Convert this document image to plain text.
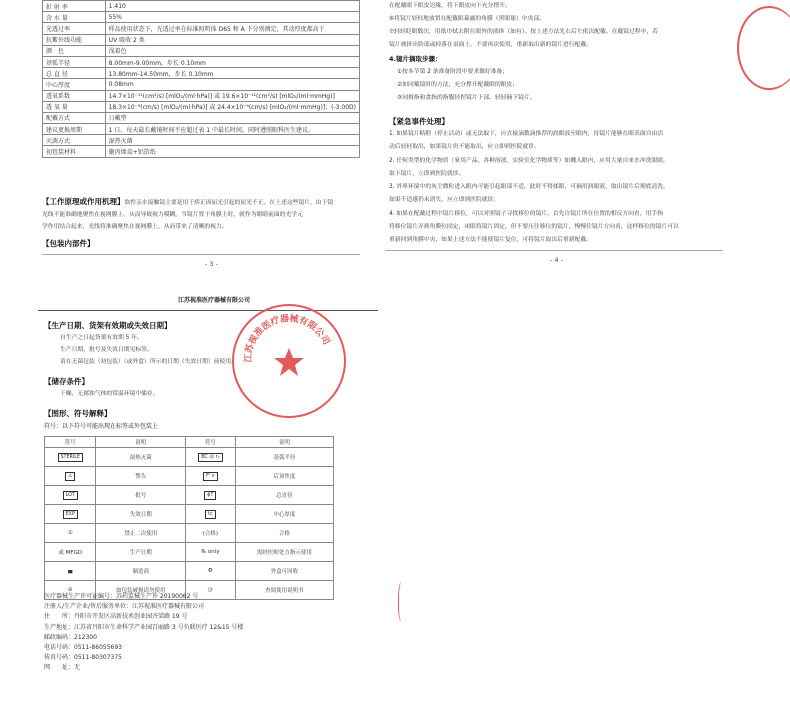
折 射 率	1.410
含 水 量	55%
光透过率	样品使用状态下，光透过率在标准照明体 D65 和 A 下分别测定，其动厚度都高于
抗紫外线功能	UV 吸收 2 类
颜　色	浅着色
基弧半径	8.00mm-9.00mm，步长 0.10mm
总 直 径	13.80mm-14.50mm，步长 0.10mm
中心厚度	0.08mm
透氧系数	14.7×10⁻¹¹(cm²/s) [mlO₂/(ml·hPa)] 或 19.6×10⁻¹¹(cm²/s) [mlO₂/(ml·mmHg)]
透 氧 量	18.3×10⁻⁹(cm/s) [mlO₂/(ml·hPa)] 或 24.4×10⁻⁹(cm/s) [mlO₂/(ml·mmHg)]；(-3.00D)
配戴方式	日戴型
建议更换周期	1 日。每天最长戴镜时间不应超过表 1 中最长时间，同时遵照眼科医生建议。
灭菌方式	湿热灭菌
初包装材料	聚丙烯盒+铝箔纸
【工作原理或作用机理】软性亲水接触镜主要是用于矫正因屈光引起的屈光不正。在上述这些镜片，由于镜
光线不能准确地聚焦在视网膜上，从而导致视力模糊。当镜片置于角膜上时，就作为眼睛前面的光学元
学作用结合起来，光线将准确聚焦在视网膜上，从而带来了清晰的视力。
【包装内部件】
- 3 -
在配戴眼下眼皮边缘，将下眼皮向下充分撑开。
⑥将镜片轻轻地放置在配戴眼暴露的角膜（黑眼球）中央部。
⑦轻轻眨眼数次，用纸巾拭去附在眼外的液体（如有）。按上述方法先右后左依次配戴。在戴镜过程中，若
镜片被挤出脸部或掉落在桌面上，不要再次使用，重新取出新的镜片进行配戴。
4.镜片摘取步骤：
①按本节第 2 条准备阶段中要求做好准备；
②如同戴镜时的方法，充分撑开配戴眼的眼皮；
③同拇指和食指的指腹轻捏镜片下部，轻轻摘下镜片。
【紧急事件处理】
1. 如果镜片粘附（停止活动）或无法取下，应直接滴数滴推荐的润眼液至眼内，待镜片能够在眼表面自由活
动后轻轻取出，如果镜片仍不能取出，应立即到医院就诊。
2. 任何类型的化学物质（家用产品、各种溶液、实验室化学物质等）如溅入眼内，应用大量自来水冲洗眼睛，
取下镜片，立即到医院就诊。
3. 外界环境中的灰尘微粒进入眼内可能引起眼部不适，此时不得揉眼，可摘用润眼液，取出镜片后彻底清洗。
如果不适感仍未消失，应立即到医院就诊。
4. 如果在配戴过程中镜片移位，可以对照镜子寻找移位的镜片，首先注镜片所在位置的相反方向看，用手指
将移位镜片弄到角膜位固定，闭眼将镜片固定，但不要压住移位的镜片，慢慢往镜片方向看，这样移位的镜片可以
重新回到角膜中央，如果上述方法不能使镜片复位，可将镜片取出后重新配戴。
- 4 -
江苏视准医疗器械有限公司
【生产日期、货架有效期或失效日期】
自生产之日起货架有效期 5 年。
生产日期、批号及失效日期见标签。
请在无菌包装（初包装）（或外盒）所示的日期（失效日期）前使用。
【储存条件】
干燥、无腐蚀气体的常温环境中储存。
【图形、符号解释】
符号：以下符号可能出现在标签或外包装上
符号	说明	符号	说明
STERILE	湿热灭菌	BC 或 r₀	基弧半径
⚠	警告	F' v	后顶焦度
LOT	批号	ɸT	总直径
EXP	失效日期	tc	中心厚度
②	禁止二次使用	(合格)	合格
或 MFGD	生产日期	℞ only	需经医师处方指示使用
▄	制造商	♻	外盒可回收
⊘	如包装破损请勿使用	▯i	查阅使用说明书
医疗器械生产许可证编号：苏药监械生产许 20190062 号
注册人/生产企业/售后服务单位：江苏视准医疗器械有限公司
住　　所：丹阳市开发区高新技术创业园齐梁路 19 号
生产地址：江苏省丹阳市生命科学产业园百丽路 3 号负联医疗 12&15 号楼
邮政编码：212300
电话号码：0511-86055693
传真号码：0511-80307375
网　　址：无
江苏视准医疗器械有限公司
